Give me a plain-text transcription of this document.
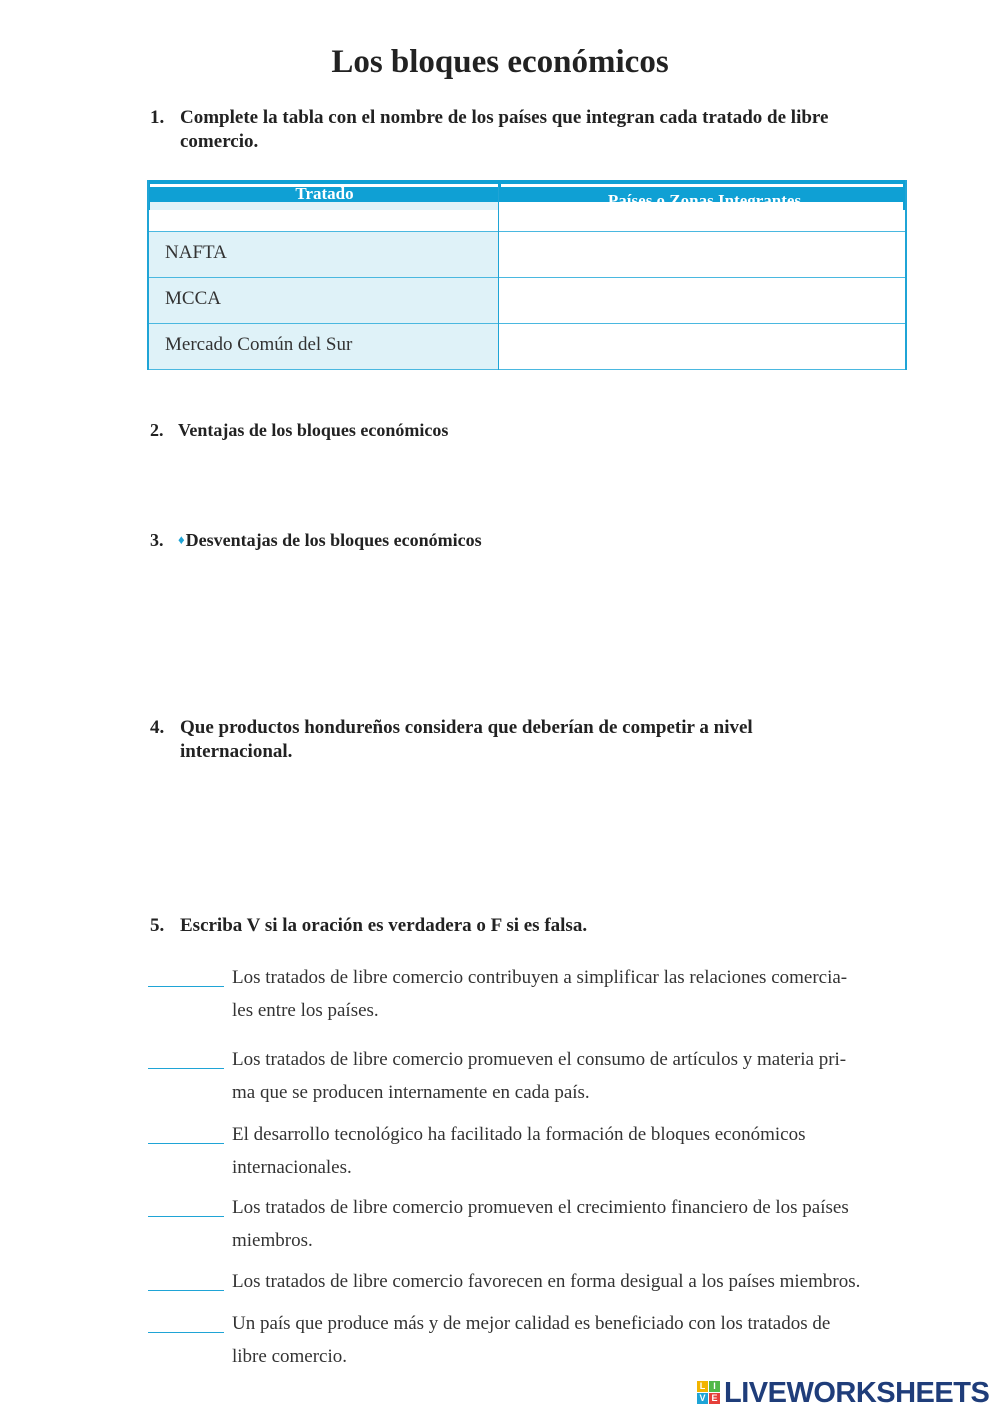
Los bloques económicos
1. Complete la tabla con el nombre de los países que integran cada tratado de libre
comercio.
Tratado	Países o Zonas Integrantes
NAFTA
MCCA
Mercado Común del Sur
2. Ventajas de los bloques económicos
3. ♦Desventajas de los bloques económicos
4. Que productos hondureños considera que deberían de competir a nivel
internacional.
5. Escriba V si la oración es verdadera o F si es falsa.
Los tratados de libre comercio contribuyen a simplificar las relaciones comercia-
les entre los países.
Los tratados de libre comercio promueven el consumo de artículos y materia pri-
ma que se producen internamente en cada país.
El desarrollo tecnológico ha facilitado la formación de bloques económicos
internacionales.
Los tratados de libre comercio promueven el crecimiento financiero de los países
miembros.
Los tratados de libre comercio favorecen en forma desigual a los países miembros.
Un país que produce más y de mejor calidad es beneficiado con los tratados de
libre comercio.
L I
V E LIVEWORKSHEETS
